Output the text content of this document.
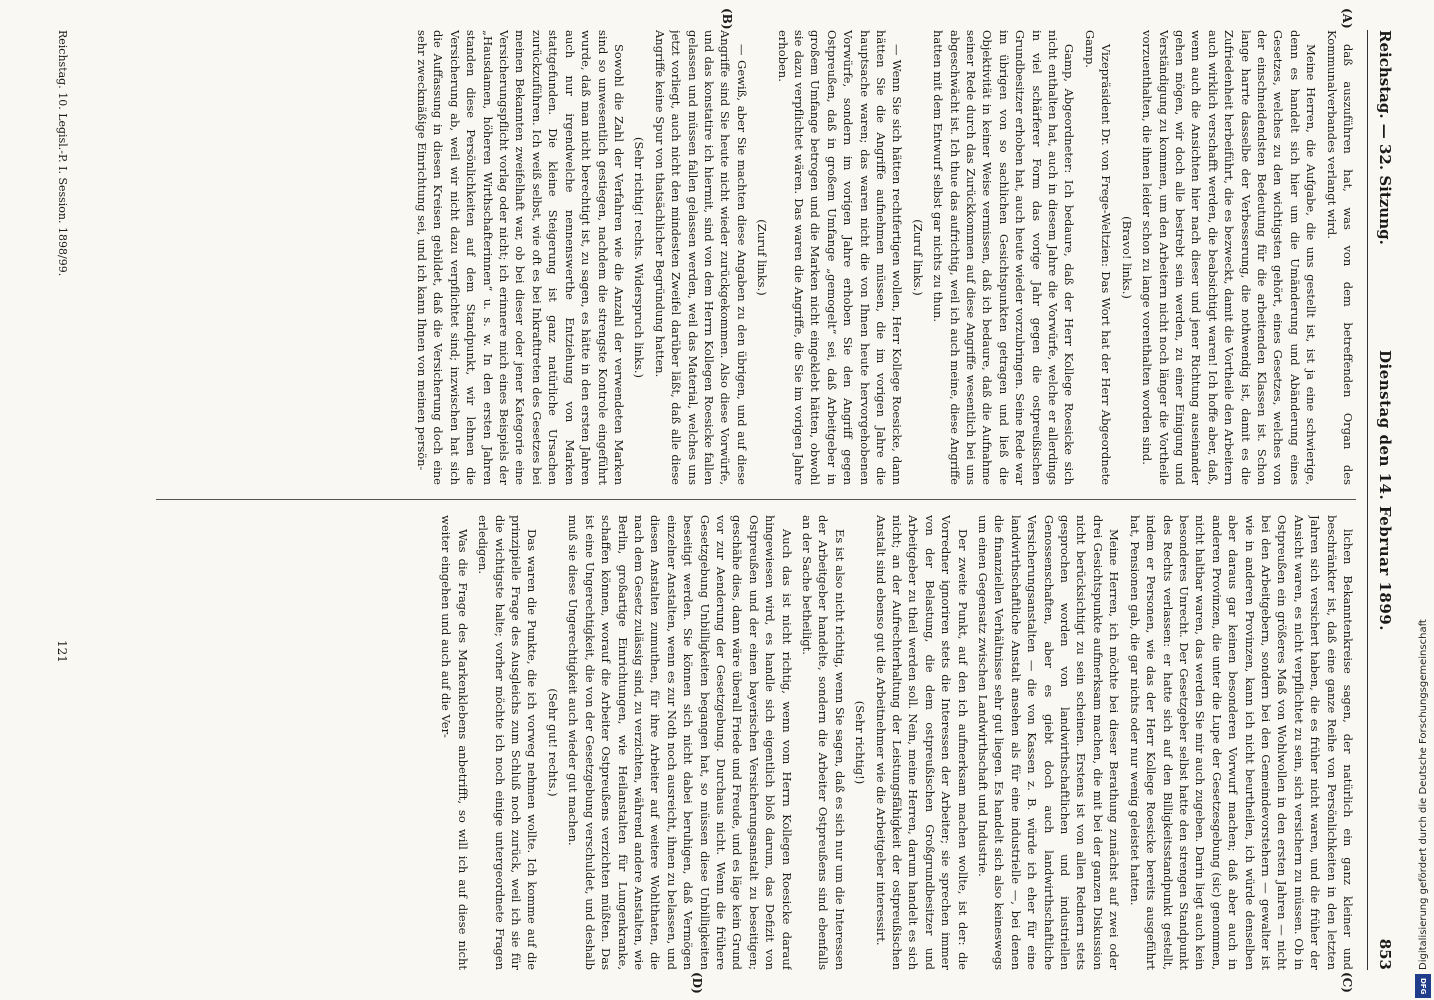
Reichstag. — 32. Sitzung.
Dienstag den 14. Februar 1899.
853
(A)
(B)
(C)
(D)

daß auszuführen hat, was von dem betreffenden Organ des Kommunalverbandes verlangt wird.

Meine Herren, die Aufgabe, die uns gestellt ist, ist ja eine schwierige, denn es handelt sich hier um die Umänderung und Abänderung eines Gesetzes, welches zu den wichtigsten gehört, eines Gesetzes, welches von der einschneidendsten Bedeutung für die arbeitenden Klassen ist. Schon lange harrte dasselbe der Verbesserung, die nothwendig ist, damit es die Zufriedenheit herbeiführt, die es bezweckt, damit die Vortheile den Arbeitern auch wirklich verschafft werden, die beabsichtigt waren! Ich hoffe aber, daß, wenn auch die Ansichten hier nach dieser und jener Richtung auseinander gehen mögen, wir doch alle bestrebt sein werden, zu einer Einigung und Verständigung zu kommen, um den Arbeitern nicht noch länger die Vortheile vorzuenthalten, die ihnen leider schon zu lange vorenthalten worden sind.

(Bravo! links.)

Vizepräsident Dr. von Frege-Weltzien: Das Wort hat der Herr Abgeordnete Gamp.

Gamp, Abgeordneter: Ich bedaure, daß der Herr Kollege Roesicke sich nicht enthalten hat, auch in diesem Jahre die Vorwürfe, welche er allerdings in viel schärferer Form das vorige Jahr gegen die ostpreußischen Grundbesitzer erhoben hat, auch heute wieder vorzubringen. Seine Rede war im übrigen von so sachlichen Gesichtspunkten getragen und ließ die Objektivität in keiner Weise vermissen, daß ich bedaure, daß die Aufnahme seiner Rede durch das Zurückkommen auf diese Angriffe wesentlich bei uns abgeschwächt ist. Ich thue das aufrichtig, weil ich auch meine, diese Angriffe hatten mit dem Entwurf selbst gar nichts zu thun.

(Zuruf links.)

— Wenn Sie sich hätten rechtfertigen wollen, Herr Kollege Roesicke, dann hätten Sie die Angriffe aufnehmen müssen, die im vorigen Jahre die hauptsache waren; das waren nicht die von Ihnen heute hervorgehobenen Vorwürfe, sondern im vorigen Jahre erhoben Sie den Angriff gegen Ostpreußen, daß in großem Umfange „gemogelt“ sei, daß Arbeitgeber in großem Umfange betrogen und die Marken nicht eingeklebt hätten, obwohl sie dazu verpflichtet wären. Das waren die Angriffe, die Sie im vorigen Jahre erhoben.

(Zuruf links.)

— Gewiß, aber Sie machten diese Angaben zu den übrigen, und auf diese Angriffe sind Sie heute nicht wieder zurückgekommen. Also diese Vorwürfe, und das konstatire ich hiermit, sind von dem Herrn Kollegen Roesicke fallen gelassen und müssen fallen gelassen werden, weil das Material, welches uns jetzt vorliegt, auch nicht den mindesten Zweifel darüber läßt, daß alle diese Angriffe keine Spur von thatsächlicher Begründung hatten.

(Sehr richtig! rechts. Widerspruch links.)

Sowohl die Zahl der Verfahren wie die Anzahl der verwendeten Marken sind so unwesentlich gestiegen, nachdem die strengste Kontrole eingeführt wurde, daß man nicht berechtigt ist, zu sagen, es hätte in den ersten Jahren auch nur irgendwelche nennenswerthe Entziehung von Marken stattgefunden. Die kleine Steigerung ist ganz natürliche Ursachen zurückzuführen. Ich weiß selbst, wie oft es bei Inkrafttreten des Gesetzes bei meinen Bekannten zweifelhaft war, ob bei dieser oder jener Kategorie eine Versicherungspflicht vorlag oder nicht; ich erinnere mich eines Beispiels der „Hausdamen, höheren Wirthschafterinnen“ u. s. w. In den ersten Jahren standen diese Persönlichkeiten auf dem Standpunkt, wir lehnen die Versicherung ab, weil wir nicht dazu verpflichtet sind; inzwischen hat sich die Auffassung in diesen Kreisen gebildet, daß die Versicherung doch eine sehr zweckmäßige Einrichtung sei, und ich kann Ihnen von meinen persön-

lichen Bekanntenkreise sagen, der natürlich ein ganz kleiner und beschränkter ist, daß eine ganze Reihe von Persönlichkeiten in den letzten Jahren sich versichert haben, die es früher nicht waren, und die früher der Ansicht waren, es nicht verpflichtet zu sein, sich versichern zu müssen. Ob in Ostpreußen ein größeres Maß von Wohlwollen in den ersten Jahren — nicht bei den Arbeitgebern, sondern bei den Gemeindevorstehern — gewalter ist wie in anderen Provinzen, kann ich nicht beurtheilen, ich würde denselben aber daraus gar keinen besonderen Vorwurf machen; daß aber auch in anderen Provinzen, die unter die Lupe der Gesetzesgebung (sic) genommen, nicht haltbar waren, das werden Sie mir auch zugeben. Darin liegt auch kein besonderes Unrecht. Der Gesetzgeber selbst hatte den strengen Standpunkt des Rechts verlassen: er hatte sich auf den Billigkeitsstandpunkt gestellt, indem er Personen, wie das der Herr Kollege Roesicke bereits ausgeführt hat, Pensionen gab, die gar nichts oder nur wenig geleistet hatten.

Meine Herren, ich möchte bei dieser Berathung zunächst auf zwei oder drei Gesichtspunkte aufmerksam machen, die mit bei der ganzen Diskussion nicht berücksichtigt zu sein scheinen. Erstens ist von allen Rednern stets gesprochen worden von landwirthschaftlichen und industriellen Genossenschaften, aber es giebt doch auch landwirthschaftliche Versicherungsanstalten — die von Kassen z. B. würde ich eher für eine landwirthschaftliche Anstalt ansehen als für eine industrielle —, bei denen die finanziellen Verhältnisse sehr gut liegen. Es handelt sich also keineswegs um einen Gegensatz zwischen Landwirthschaft und Industrie.

Der zweite Punkt, auf den ich aufmerksam machen wollte, ist der: die Vorredner ignoriren stets die Interessen der Arbeiter; sie sprechen immer von der Belastung, die dem ostpreußischen Großgrundbesitzer und Arbeitgeber zu theil werden soll. Nein, meine Herren, darum handelt es sich nicht; an der Aufrechterhaltung der Leistungsfähigkeit der ostpreußischen Anstalt sind ebenso gut die Arbeitnehmer wie die Arbeitgeber interessirt.

(Sehr richtig!)

Es ist also nicht richtig, wenn Sie sagen, daß es sich nur um die Interessen der Arbeitgeber handelte, sondern die Arbeiter Ostpreußens sind ebenfalls an der Sache betheiligt.

Auch das ist nicht richtig, wenn vom Herrn Kollegen Roesicke darauf hingewiesen wird, es handle sich eigentlich bloß darum, das Defizit von Ostpreußen und der einen bayerischen Versicherungsanstalt zu beseitigen; geschähe dies, dann wäre überall Friede und Freude, und es läge kein Grund vor zur Aenderung der Gesetzgebung. Durchaus nicht. Wenn die frühere Gesetzgebung Unbilligkeiten begangen hat, so müssen diese Unbilligkeiten beseitigt werden. Sie können sich nicht dabei beruhigen, daß Vermögen einzelner Anstalten, wenn es zur Noth noch ausreicht, ihnen zu belassen, und diesen Anstalten zumuthen, für ihre Arbeiter auf weitere Wohlthaten, die nach dem Gesetz zulässig sind, zu verzichten, während andere Anstalten, wie Berlin, großartige Einrichtungen, wie Heilanstalten für Lungenkranke, schaffen können, worauf die Arbeiter Ostpreußens verzichten müßten. Das ist eine Ungerechtigkeit, die von der Gesetzgebung verschuldet, und deshalb muß sie diese Ungerechtigkeit auch wieder gut machen.

(Sehr gut! rechts.)

Das waren die Punkte, die ich vorweg nehmen wollte. Ich komme auf die prinzipielle Frage des Ausgleichs zum Schluß noch zurück, weil ich sie für die wichtigste halte; vorher möchte ich noch einige untergeordnete Fragen erledigen.

Was die Frage des Markenklebens anbetrifft, so will ich auf diese nicht weiter eingehen und auch auf die Ver-

Reichstag. 10. Legisl.-P. I. Session. 1898/99.
121	Digitalisierung gefördert durch die Deutsche Forschungsgemeinschaft
DFG
